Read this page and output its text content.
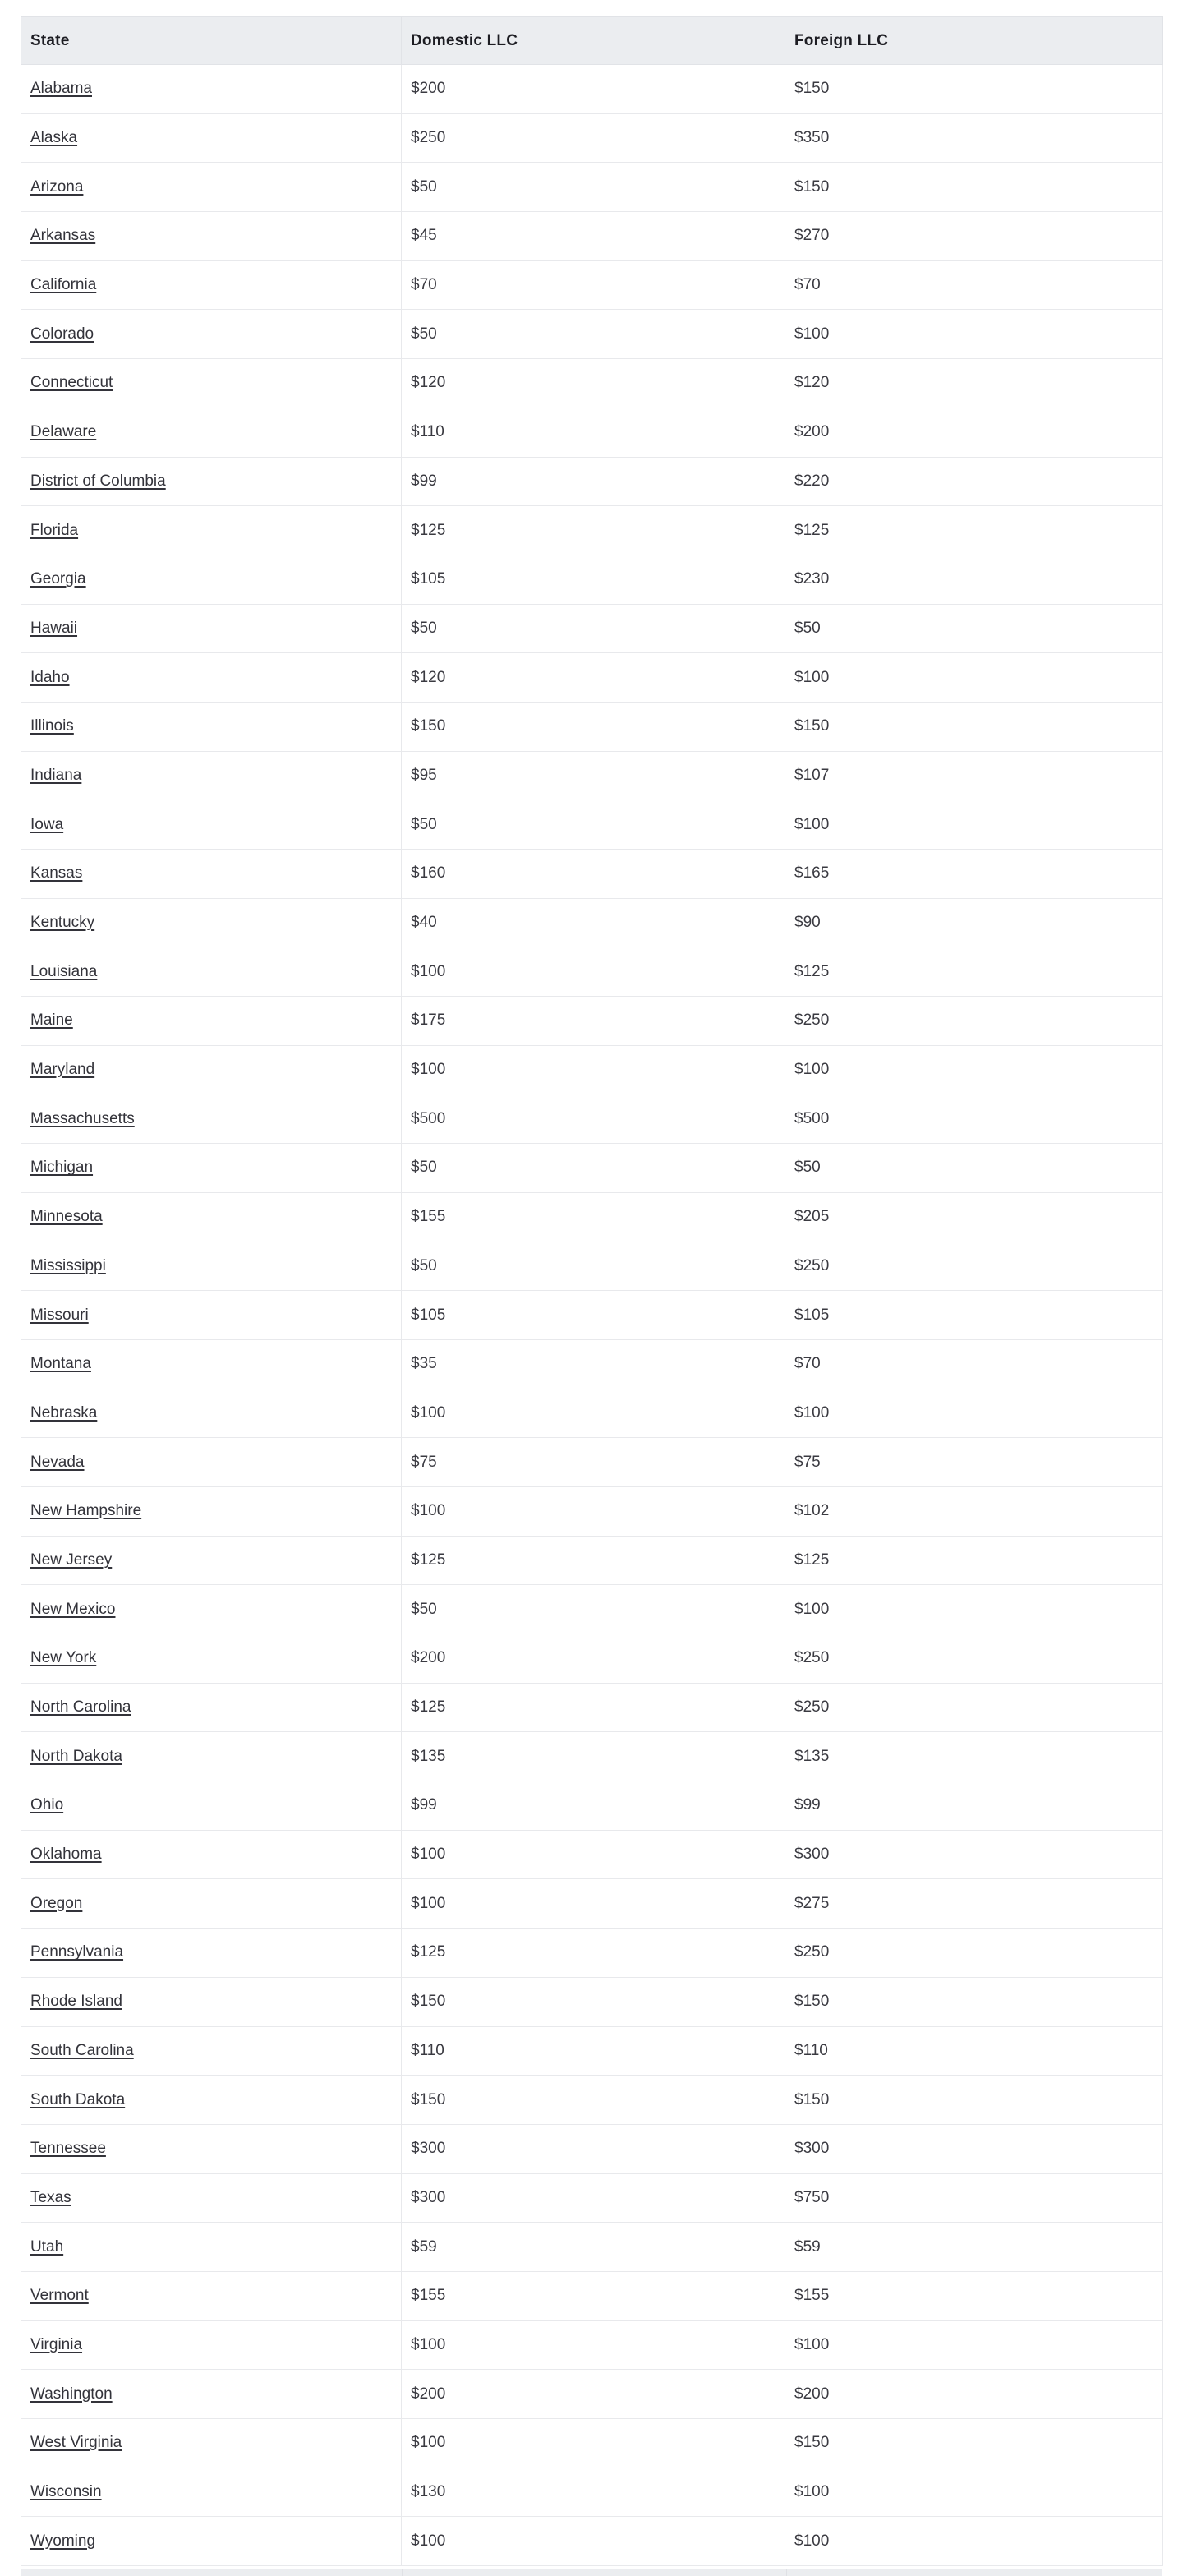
State	Domestic LLC	Foreign LLC
Alabama	$200	$150
Alaska	$250	$350
Arizona	$50	$150
Arkansas	$45	$270
California	$70	$70
Colorado	$50	$100
Connecticut	$120	$120
Delaware	$110	$200
District of Columbia	$99	$220
Florida	$125	$125
Georgia	$105	$230
Hawaii	$50	$50
Idaho	$120	$100
Illinois	$150	$150
Indiana	$95	$107
Iowa	$50	$100
Kansas	$160	$165
Kentucky	$40	$90
Louisiana	$100	$125
Maine	$175	$250
Maryland	$100	$100
Massachusetts	$500	$500
Michigan	$50	$50
Minnesota	$155	$205
Mississippi	$50	$250
Missouri	$105	$105
Montana	$35	$70
Nebraska	$100	$100
Nevada	$75	$75
New Hampshire	$100	$102
New Jersey	$125	$125
New Mexico	$50	$100
New York	$200	$250
North Carolina	$125	$250
North Dakota	$135	$135
Ohio	$99	$99
Oklahoma	$100	$300
Oregon	$100	$275
Pennsylvania	$125	$250
Rhode Island	$150	$150
South Carolina	$110	$110
South Dakota	$150	$150
Tennessee	$300	$300
Texas	$300	$750
Utah	$59	$59
Vermont	$155	$155
Virginia	$100	$100
Washington	$200	$200
West Virginia	$100	$150
Wisconsin	$130	$100
Wyoming	$100	$100
